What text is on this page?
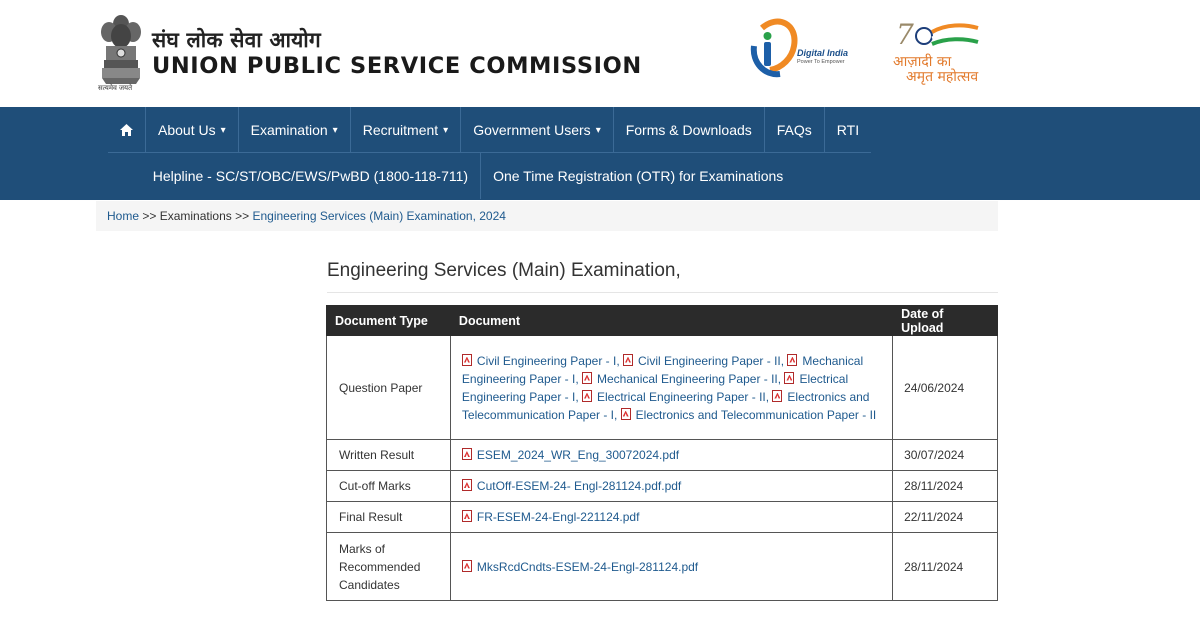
सत्यमेव जयते
संघ लोक सेवा आयोग
UNION PUBLIC SERVICE COMMISSION	Digital India
Power To Empower
7
आज़ादी का
अमृत महोत्सव
About Us ▾ Examination ▾ Recruitment ▾ Government Users ▾ Forms & Downloads FAQs RTI
Helpline - SC/ST/OBC/EWS/PwBD (1800-118-711)	One Time Registration (OTR) for Examinations
Home >> Examinations >> Engineering Services (Main) Examination, 2024
Engineering Services (Main) Examination,
Document Type	Document	Date of Upload
Question Paper	Civil Engineering Paper - I, Civil Engineering Paper - II, Mechanical Engineering Paper - I, Mechanical Engineering Paper - II, Electrical Engineering Paper - I, Electrical Engineering Paper - II, Electronics and Telecommunication Paper - I, Electronics and Telecommunication Paper - II	24/06/2024
Written Result	ESEM_2024_WR_Eng_30072024.pdf	30/07/2024
Cut-off Marks	CutOff-ESEM-24- Engl-281124.pdf.pdf	28/11/2024
Final Result	FR-ESEM-24-Engl-221124.pdf	22/11/2024
Marks of Recommended Candidates	MksRcdCndts-ESEM-24-Engl-281124.pdf	28/11/2024
